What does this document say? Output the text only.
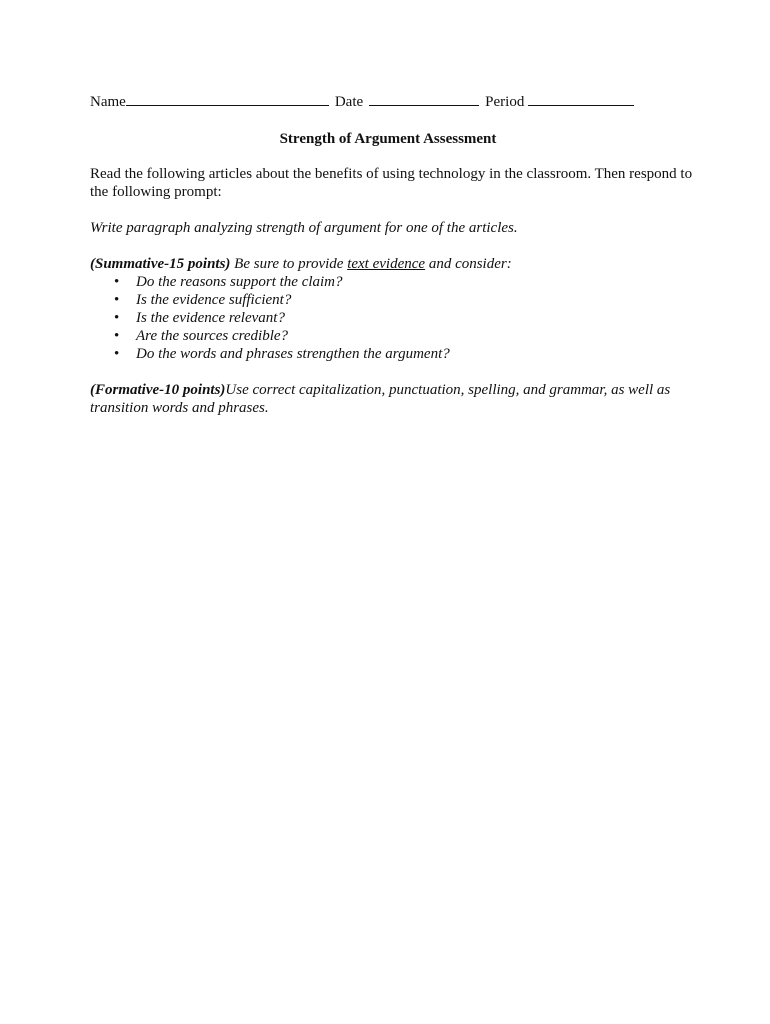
Name	Date	Period
Strength of Argument Assessment
Read the following articles about the benefits of using technology in the classroom. Then respond to the following prompt:
Write paragraph analyzing strength of argument for one of the articles.
(Summative-15 points) Be sure to provide text evidence and consider:
• Do the reasons support the claim?
• Is the evidence sufficient?
• Is the evidence relevant?
• Are the sources credible?
• Do the words and phrases strengthen the argument?
(Formative-10 points)Use correct capitalization, punctuation, spelling, and grammar, as well as transition words and phrases.
